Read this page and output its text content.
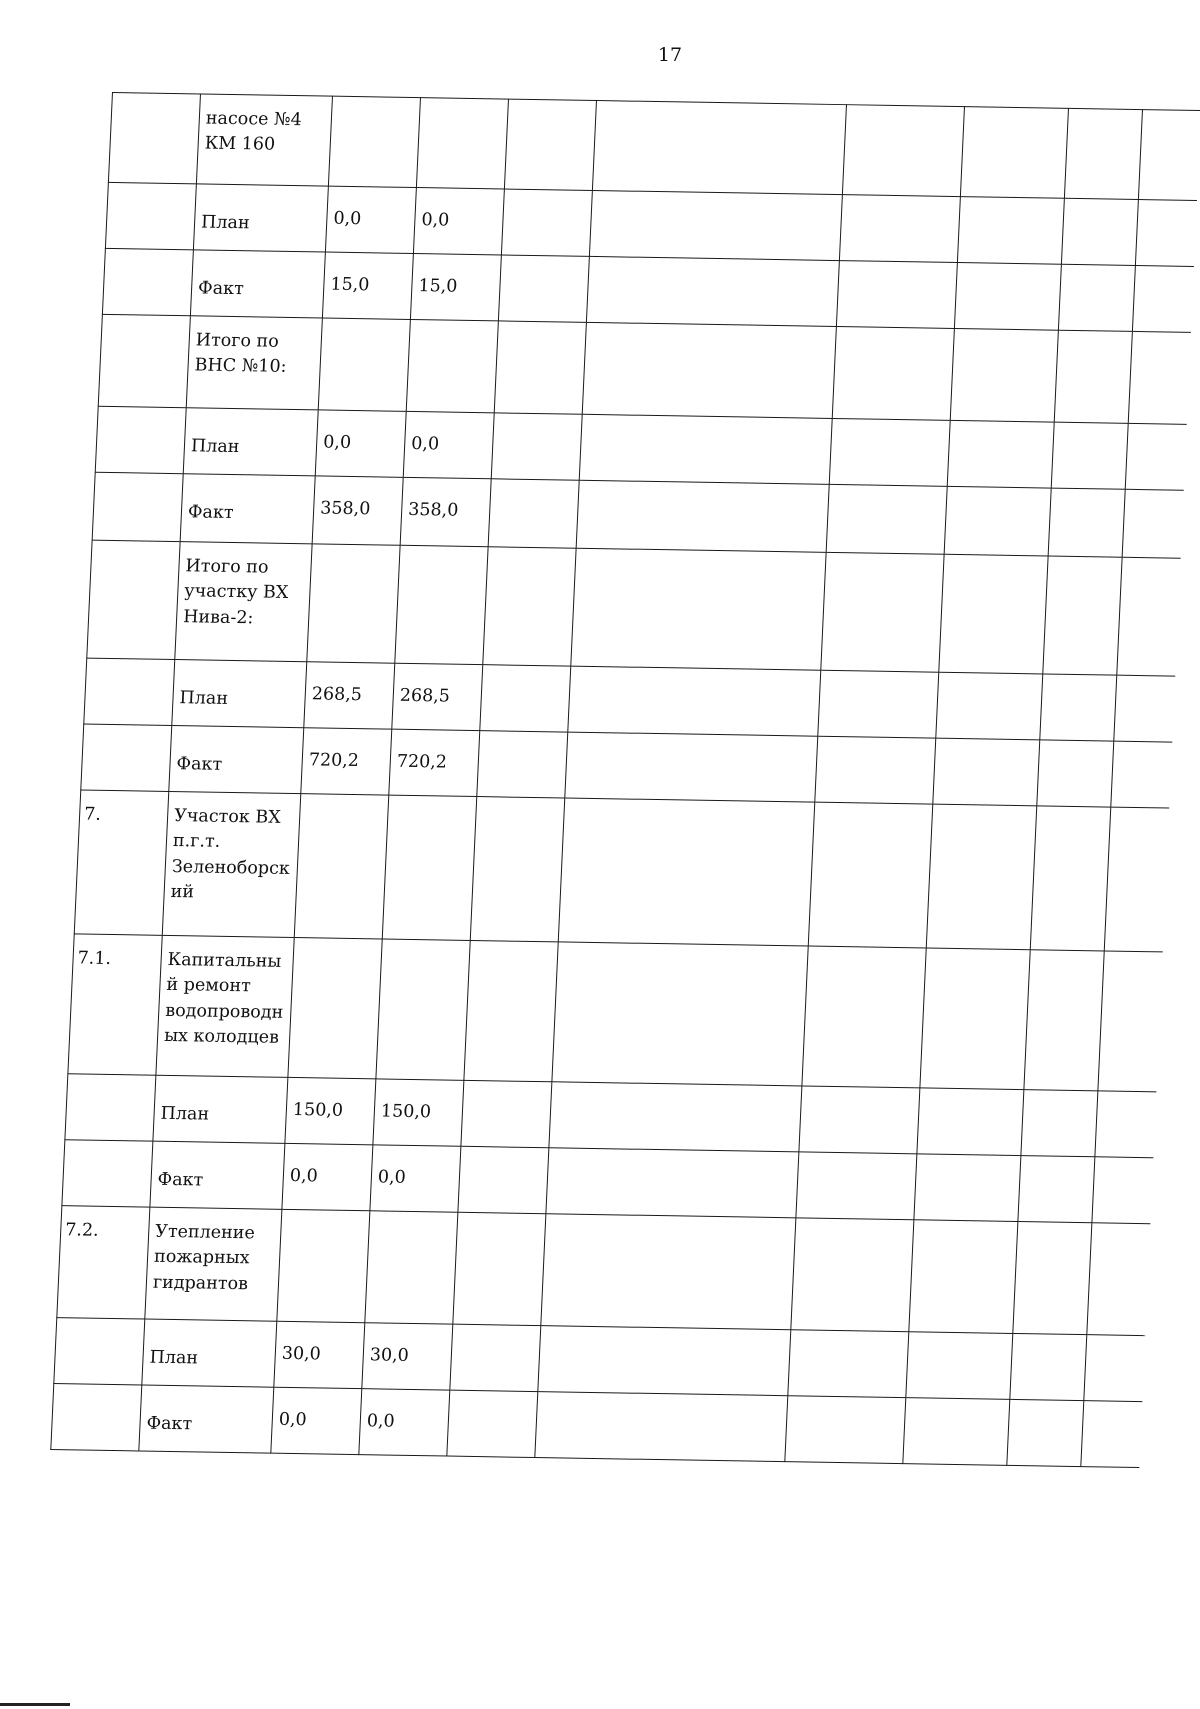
17
	насосе №4 КМ 160								
	План	0,0	0,0						
	Факт	15,0	15,0						
	Итого по ВНС №10:								
	План	0,0	0,0						
	Факт	358,0	358,0						
	Итого по участку ВХ Нива-2:								
	План	268,5	268,5						
	Факт	720,2	720,2						
7.	Участок ВХ п.г.т. Зеленоборский								
7.1.	Капитальный ремонт водопроводных колодцев								
	План	150,0	150,0						
	Факт	0,0	0,0						
7.2.	Утепление пожарных гидрантов								
	План	30,0	30,0						
	Факт	0,0	0,0						
